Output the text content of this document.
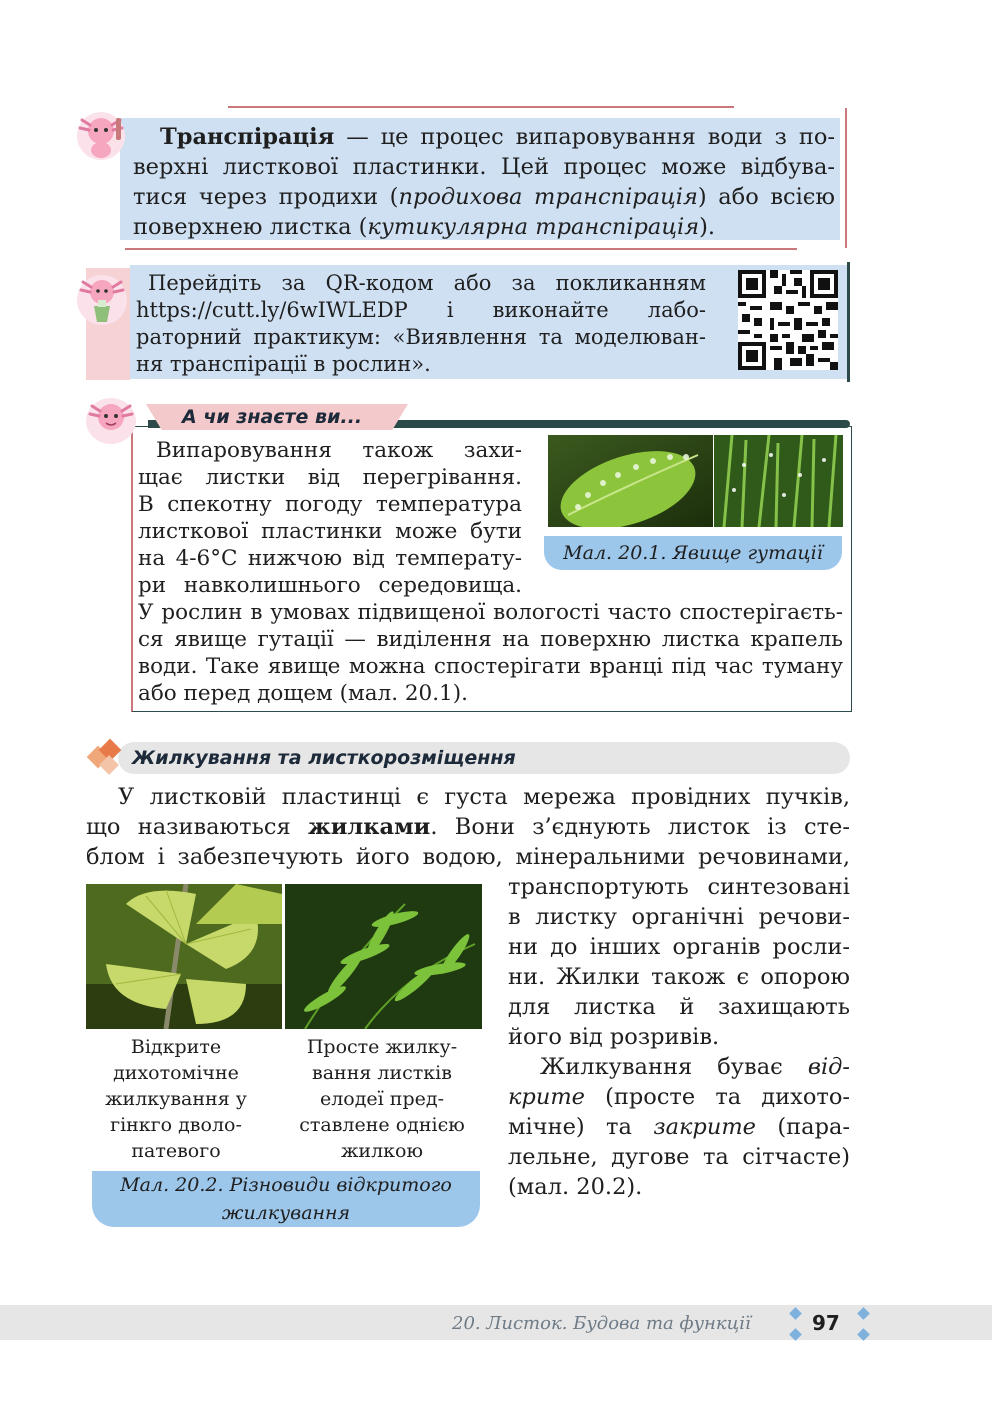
Транспірація — це процес випаровування води з по-
верхні листкової пластинки. Цей процес може відбува-
тися через продихи (продихова транспірація) або всією
поверхнею листка (кутикулярна транспірація).
Перейдіть за QR-кодом або за покликанням
https://cutt.ly/6wIWLEDP і виконайте лабо-
раторний практикум: «Виявлення та моделюван-
ня транспірації в рослин».
А чи знаєте ви...
Випаровування також захи-
щає листки від перегрівання.
В спекотну погоду температура
листкової пластинки може бути
на 4-6°С нижчою від температу-
ри навколишнього середовища.
У рослин в умовах підвищеної вологості часто спостерігаєть-
ся явище гутації — виділення на поверхню листка крапель
води. Таке явище можна спостерігати вранці під час туману
або перед дощем (мал. 20.1).
Мал. 20.1. Явище гутації
Жилкування та листкорозміщення
У листковій пластинці є густа мережа провідних пучків,
що називаються жилками. Вони з’єднують листок із сте-
блом і забезпечують його водою, мінеральними речовинами,
транспортують синтезовані
в листку органічні речови-
ни до інших органів росли-
ни. Жилки також є опорою
для листка й захищають
його від розривів.
Жилкування буває від-
крите (просте та дихото-
мічне) та закрите (пара-
лельне, дугове та сітчасте)
(мал. 20.2).
Відкрите
дихотомічне
жилкування у
гінкго дволо-
патевого
Просте жилку-
вання листків
елодеї пред-
ставлене однією
жилкою
Мал. 20.2. Різновиди відкритого
жилкування
20. Листок. Будова та функції	97
